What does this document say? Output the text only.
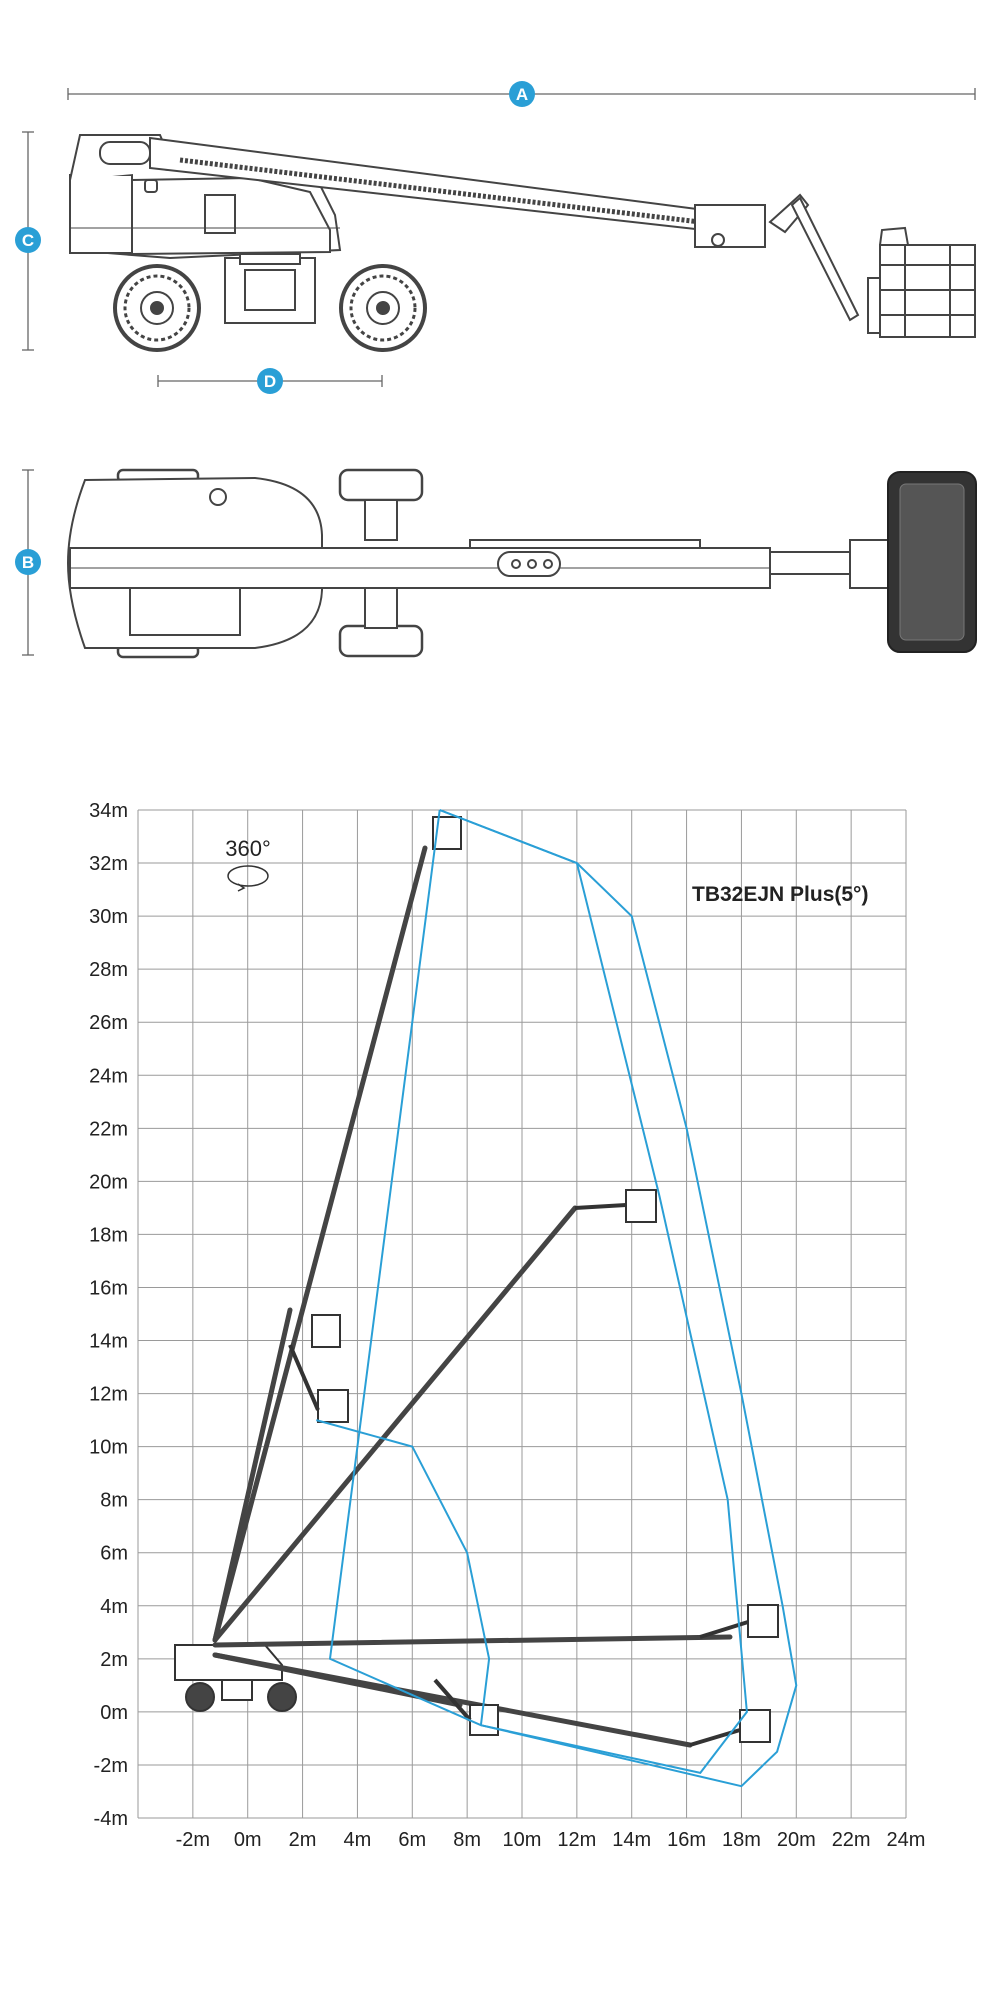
A
C
D
B
-2m 0m 2m 4m 6m 8m 10m 12m 14m 16m 18m 20m 22m 24m
34m
32m
30m
28m
26m
24m
22m
20m
18m
16m
14m
12m
10m
8m
6m
4m
2m
0m
-2m
-4m
TB32EJN Plus(5°)
360°
